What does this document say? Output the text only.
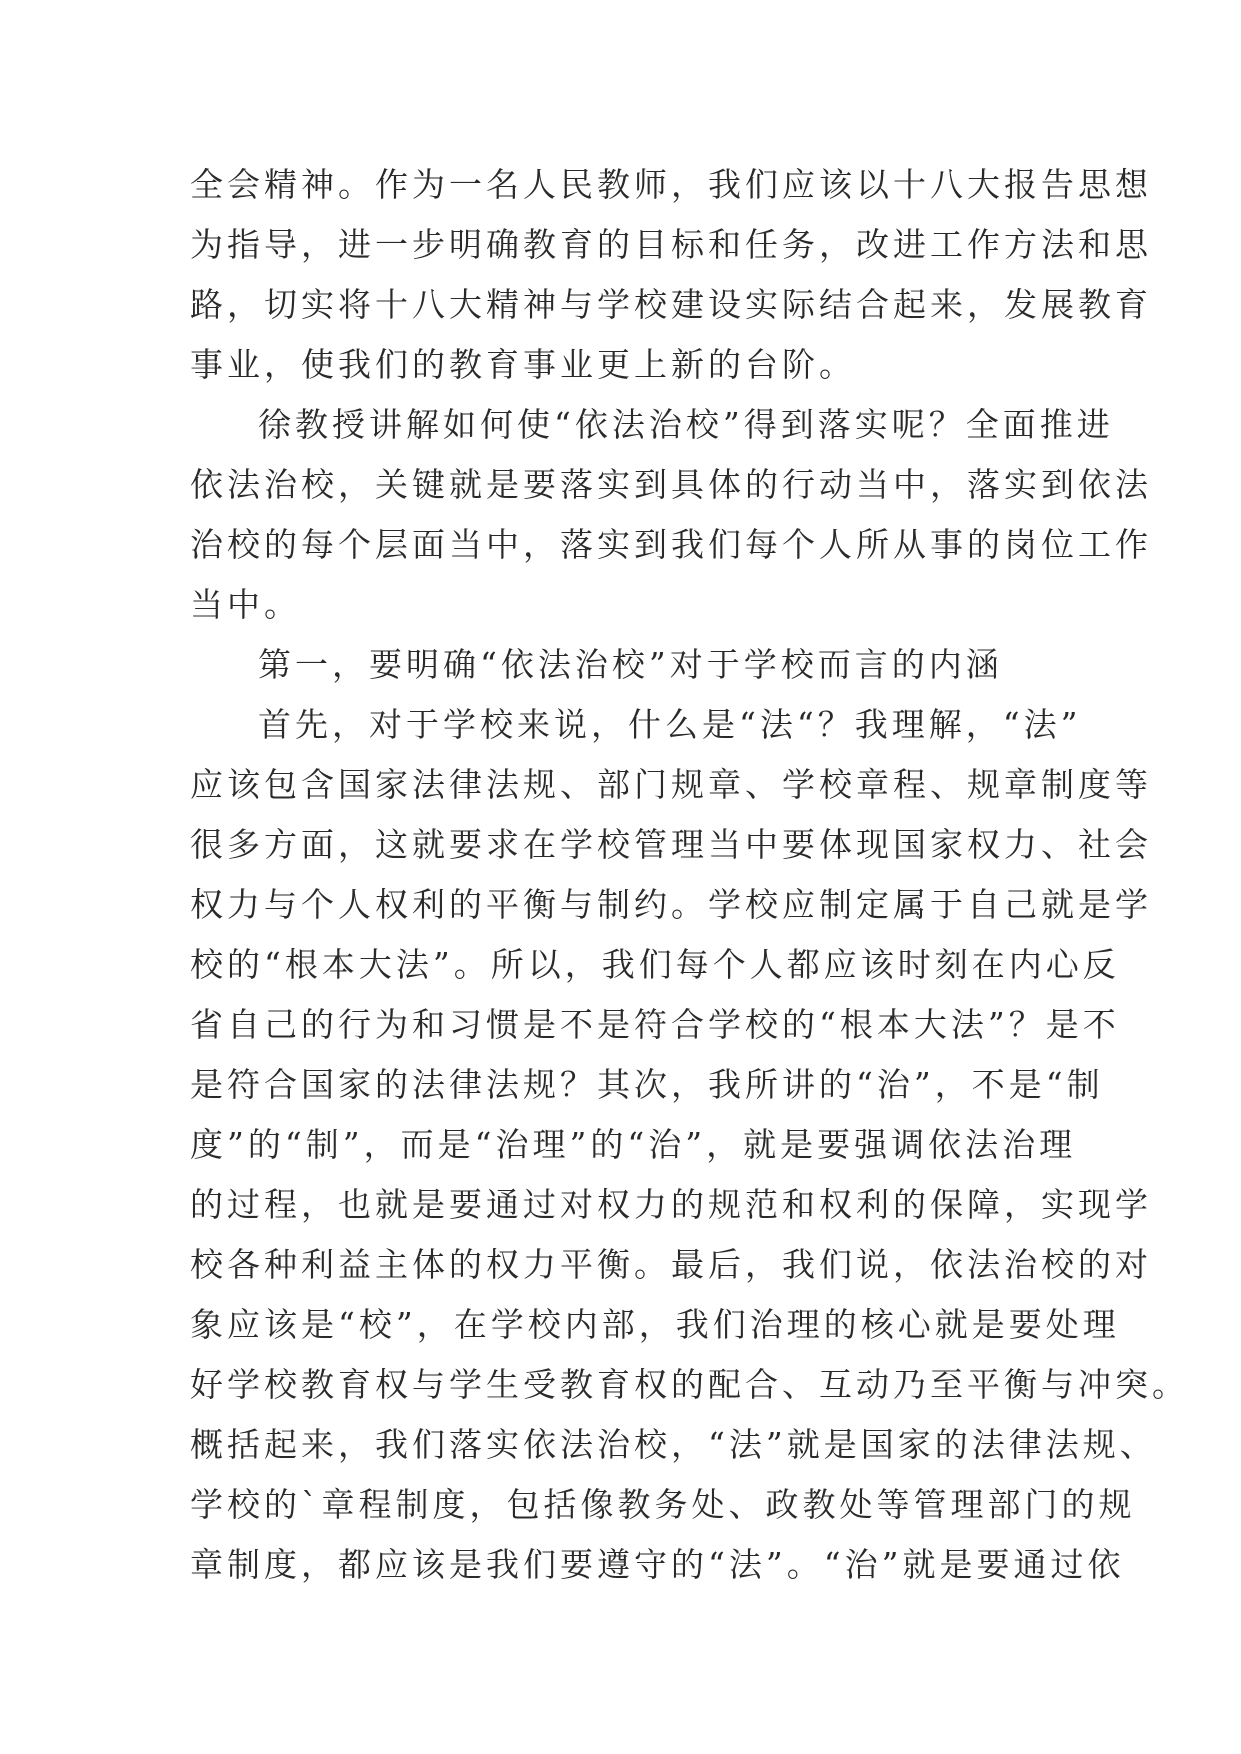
全会精神。作为一名人民教师，我们应该以十八大报告思想
为指导，进一步明确教育的目标和任务，改进工作方法和思
路，切实将十八大精神与学校建设实际结合起来，发展教育
事业，使我们的教育事业更上新的台阶。
徐教授讲解如何使“依法治校”得到落实呢？全面推进
依法治校，关键就是要落实到具体的行动当中，落实到依法
治校的每个层面当中，落实到我们每个人所从事的岗位工作
当中。
第一，要明确“依法治校”对于学校而言的内涵
首先，对于学校来说，什么是“法“？我理解，“法”
应该包含国家法律法规、部门规章、学校章程、规章制度等
很多方面，这就要求在学校管理当中要体现国家权力、社会
权力与个人权利的平衡与制约。学校应制定属于自己就是学
校的“根本大法”。所以，我们每个人都应该时刻在内心反
省自己的行为和习惯是不是符合学校的“根本大法”？是不
是符合国家的法律法规？其次，我所讲的“治”，不是“制
度”的“制”，而是“治理”的“治”，就是要强调依法治理
的过程，也就是要通过对权力的规范和权利的保障，实现学
校各种利益主体的权力平衡。最后，我们说，依法治校的对
象应该是“校”，在学校内部，我们治理的核心就是要处理
好学校教育权与学生受教育权的配合、互动乃至平衡与冲突。
概括起来，我们落实依法治校，“法”就是国家的法律法规、
学校的`章程制度，包括像教务处、政教处等管理部门的规
章制度，都应该是我们要遵守的“法”。“治”就是要通过依
